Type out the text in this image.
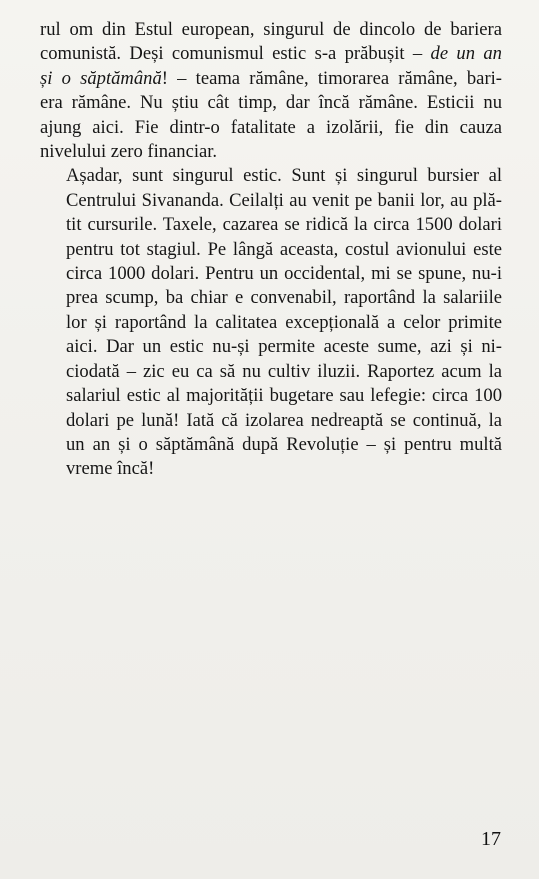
rul om din Estul european, singurul de dincolo de bariera
comunistă. Deși comunismul estic s-a prăbușit – de un an
și o săptămână! – teama rămâne, timorarea rămâne, bari-
era rămâne. Nu știu cât timp, dar încă rămâne. Esticii nu
ajung aici. Fie dintr-o fatalitate a izolării, fie din cauza
nivelului zero financiar.

Așadar, sunt singurul estic. Sunt și singurul bursier al
Centrului Sivananda. Ceilalți au venit pe banii lor, au plă-
tit cursurile. Taxele, cazarea se ridică la circa 1500 dolari
pentru tot stagiul. Pe lângă aceasta, costul avionului este
circa 1000 dolari. Pentru un occidental, mi se spune, nu-i
prea scump, ba chiar e convenabil, raportând la salariile
lor și raportând la calitatea excepțională a celor primite
aici. Dar un estic nu-și permite aceste sume, azi și ni-
ciodată – zic eu ca să nu cultiv iluzii. Raportez acum la
salariul estic al majorității bugetare sau lefegie: circa 100
dolari pe lună! Iată că izolarea nedreaptă se continuă, la
un an și o săptămână după Revoluție – și pentru multă
vreme încă!

17
